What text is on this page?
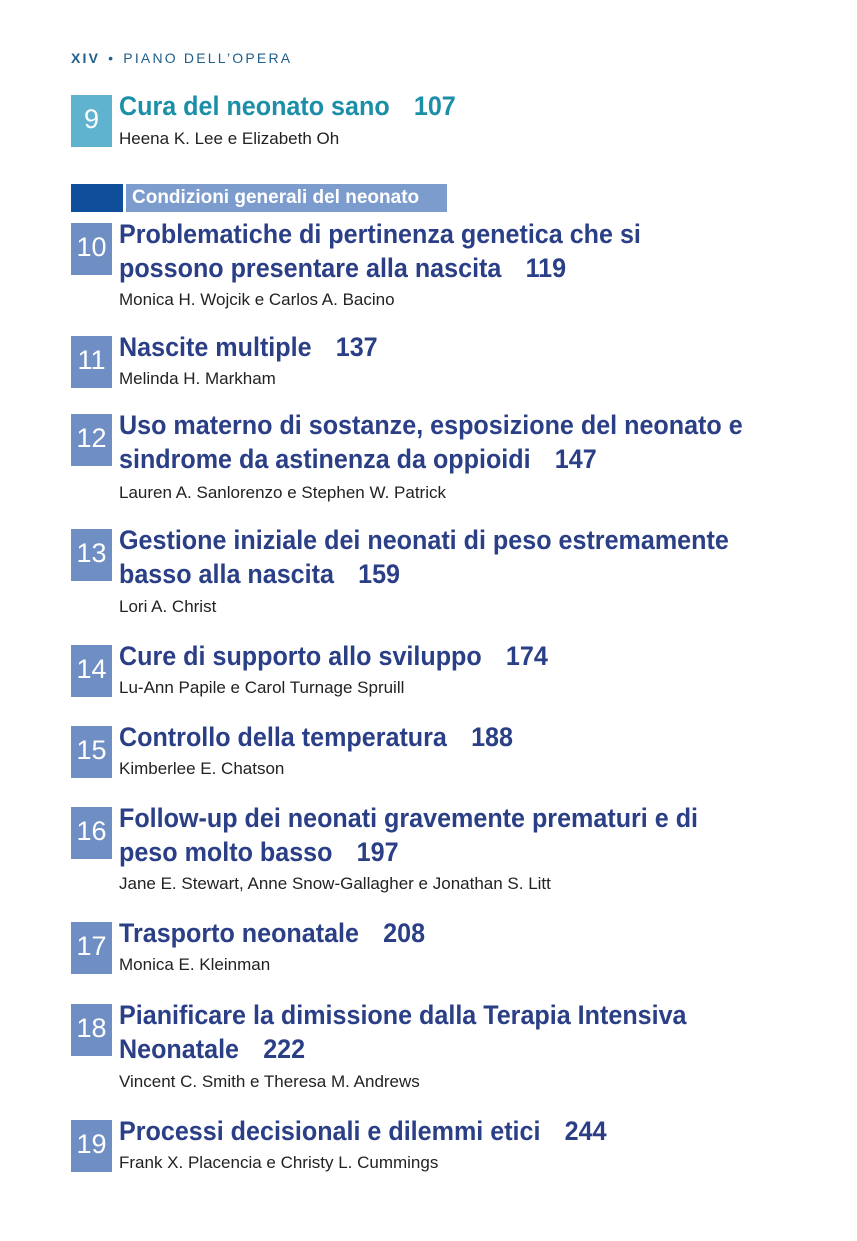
XIV • PIANO DELL’OPERA
9 Cura del neonato sano 107
Heena K. Lee e Elizabeth Oh
Condizioni generali del neonato
10 Problematiche di pertinenza genetica che si possono presentare alla nascita 119
Monica H. Wojcik e Carlos A. Bacino
11 Nascite multiple 137
Melinda H. Markham
12 Uso materno di sostanze, esposizione del neonato e sindrome da astinenza da oppioidi 147
Lauren A. Sanlorenzo e Stephen W. Patrick
13 Gestione iniziale dei neonati di peso estremamente basso alla nascita 159
Lori A. Christ
14 Cure di supporto allo sviluppo 174
Lu-Ann Papile e Carol Turnage Spruill
15 Controllo della temperatura 188
Kimberlee E. Chatson
16 Follow-up dei neonati gravemente prematuri e di peso molto basso 197
Jane E. Stewart, Anne Snow-Gallagher e Jonathan S. Litt
17 Trasporto neonatale 208
Monica E. Kleinman
18 Pianificare la dimissione dalla Terapia Intensiva Neonatale 222
Vincent C. Smith e Theresa M. Andrews
19 Processi decisionali e dilemmi etici 244
Frank X. Placencia e Christy L. Cummings
